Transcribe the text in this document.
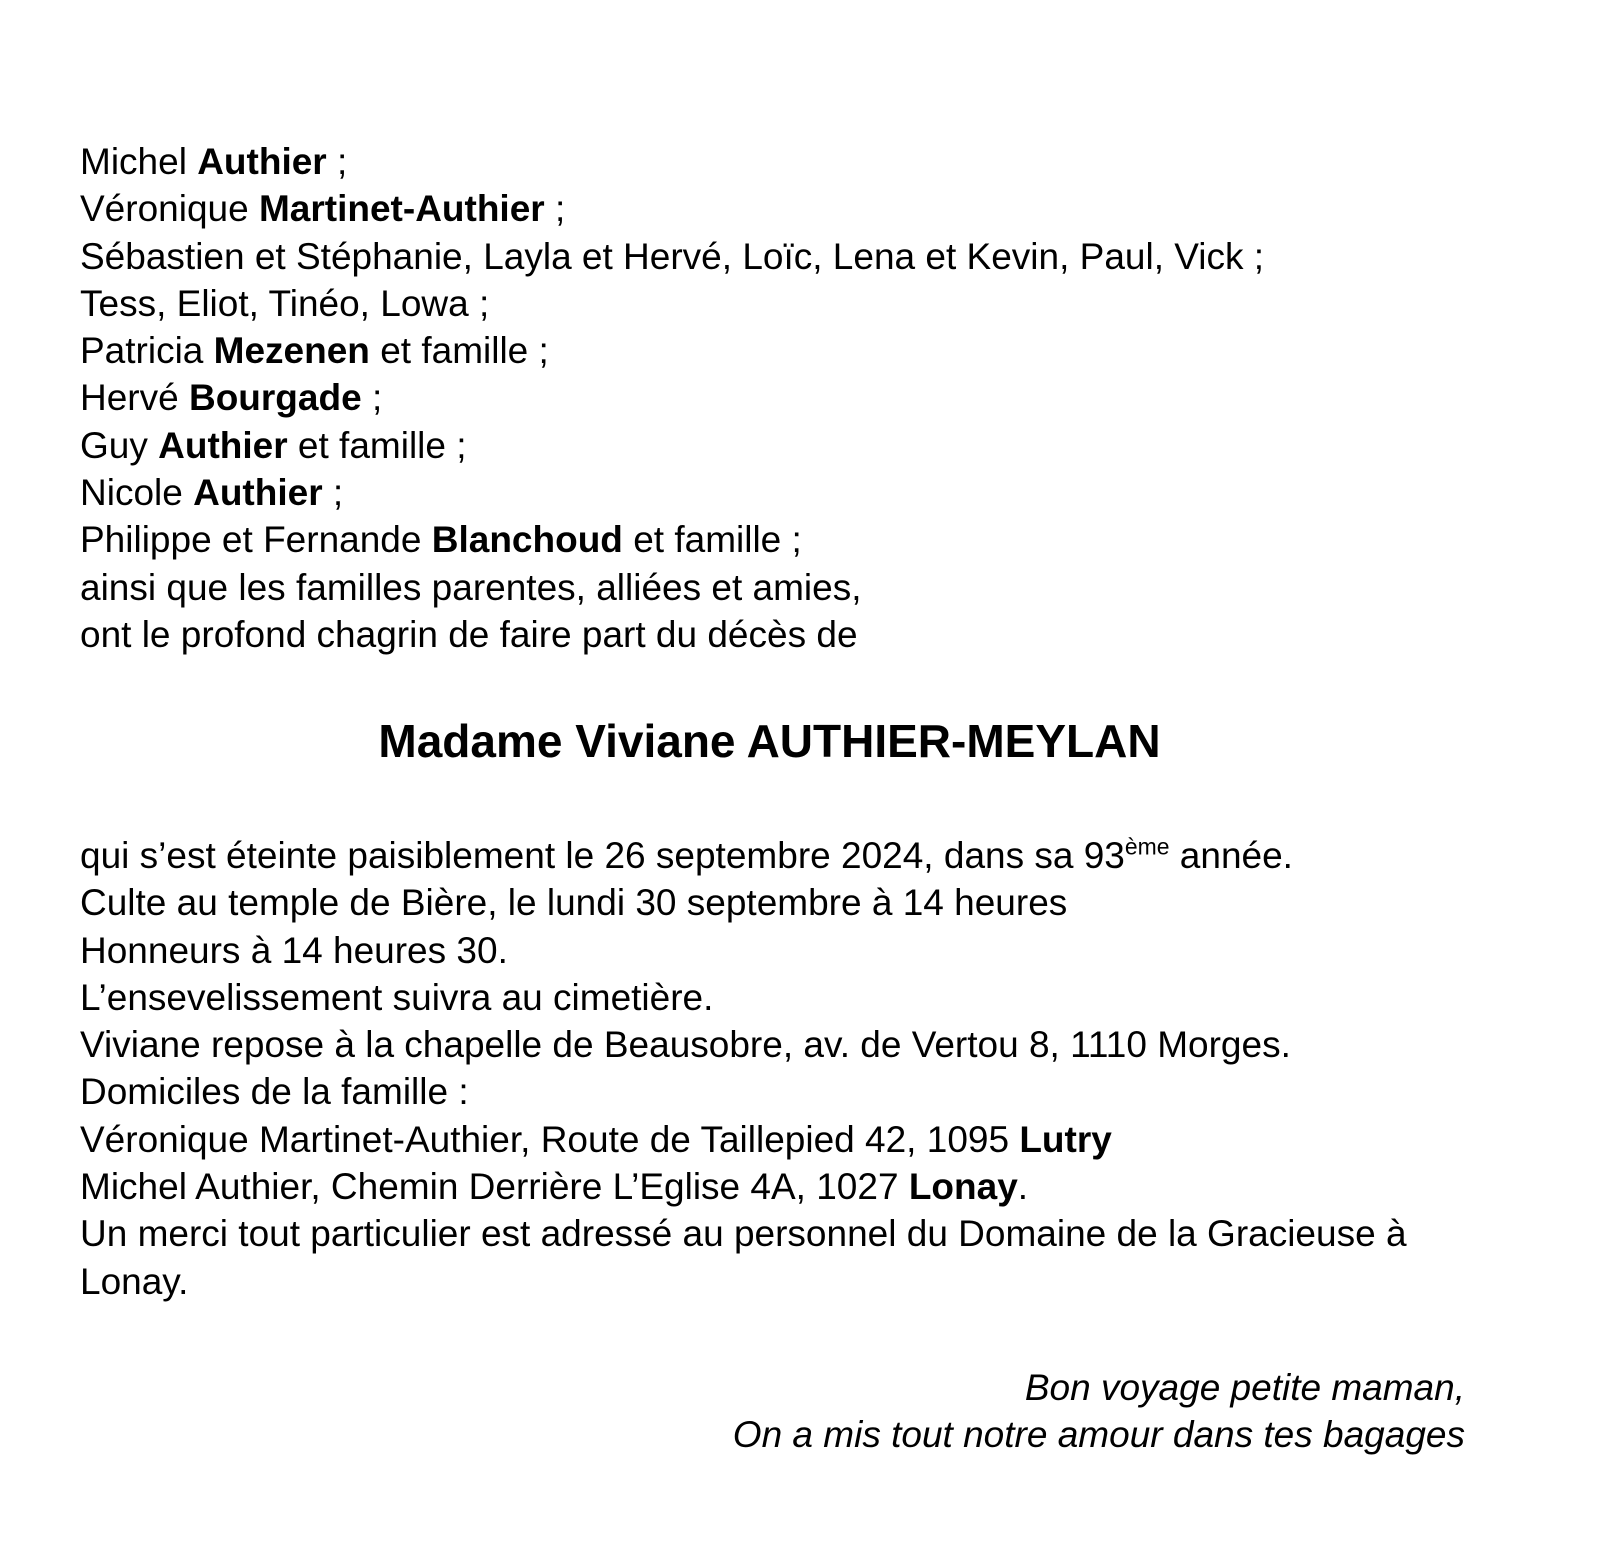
Michel Authier ;
Véronique Martinet-Authier ;
Sébastien et Stéphanie, Layla et Hervé, Loïc, Lena et Kevin, Paul, Vick ;
Tess, Eliot, Tinéo, Lowa ;
Patricia Mezenen et famille ;
Hervé Bourgade ;
Guy Authier et famille ;
Nicole Authier ;
Philippe et Fernande Blanchoud et famille ;
ainsi que les familles parentes, alliées et amies,
ont le profond chagrin de faire part du décès de
Madame Viviane AUTHIER-MEYLAN
qui s’est éteinte paisiblement le 26 septembre 2024, dans sa 93ème année.
Culte au temple de Bière, le lundi 30 septembre à 14 heures
Honneurs à 14 heures 30.
L’ensevelissement suivra au cimetière.
Viviane repose à la chapelle de Beausobre, av. de Vertou 8, 1110 Morges.
Domiciles de la famille :
Véronique Martinet-Authier, Route de Taillepied 42, 1095 Lutry
Michel Authier, Chemin Derrière L’Eglise 4A, 1027 Lonay.
Un merci tout particulier est adressé au personnel du Domaine de la Gracieuse à
Lonay.
Bon voyage petite maman,
On a mis tout notre amour dans tes bagages
